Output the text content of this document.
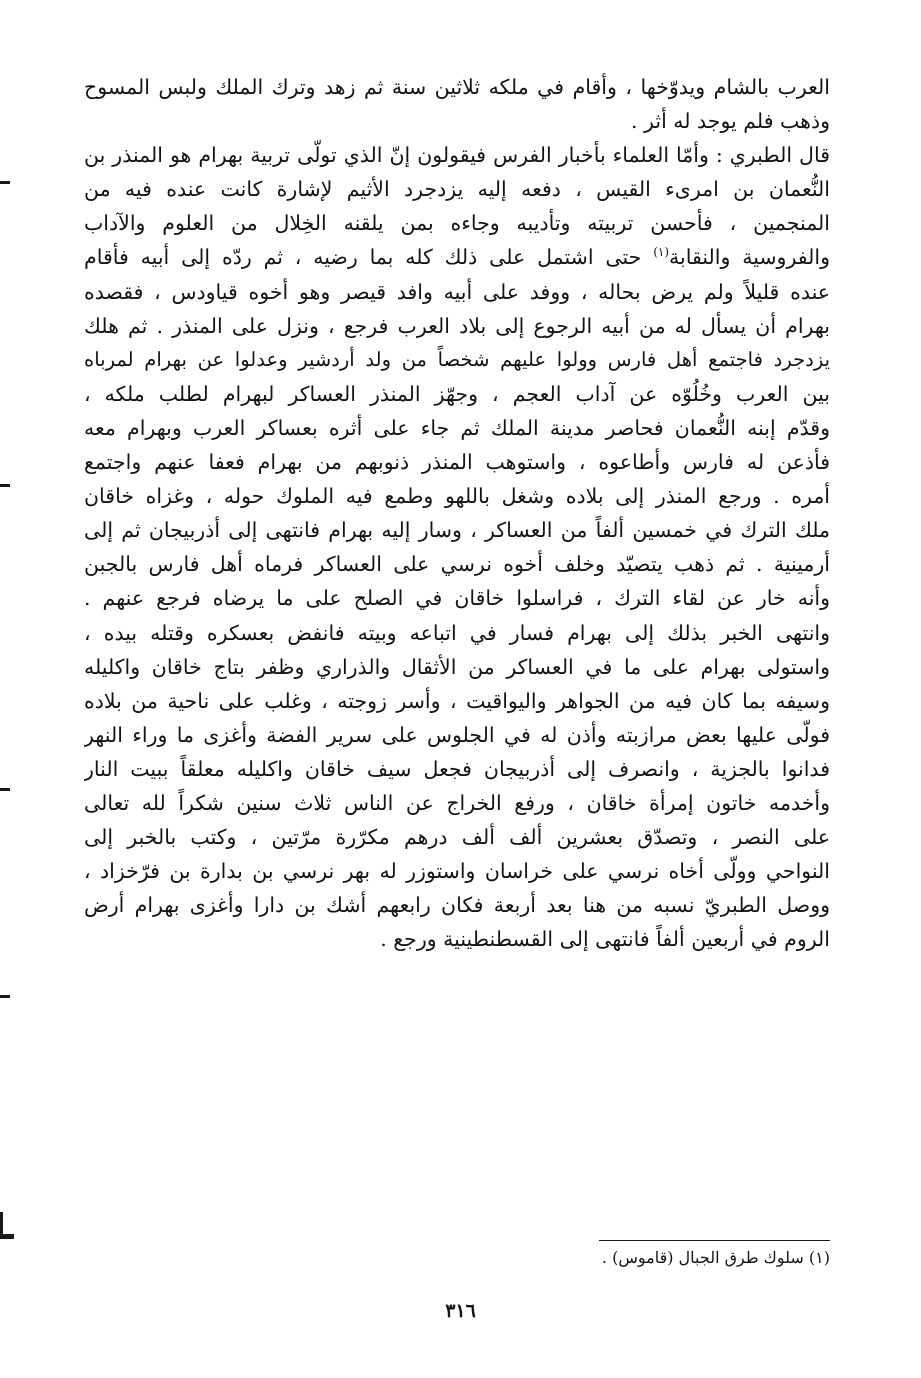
العرب بالشام ويدوّخها ، وأقام في ملكه ثلاثين سنة ثم زهد وترك الملك ولبس المسوح
وذهب فلم يوجد له أثر .
قال الطبري : وأمّا العلماء بأخبار الفرس فيقولون إنّ الذي تولّى تربية بهرام هو المنذر بن
النُّعمان بن امرىء القيس ، دفعه إليه يزدجرد الأثيم لإشارة كانت عنده فيه من
المنجمين ، فأحسن تربيته وتأديبه وجاءه بمن يلقنه الخِلال من العلوم والآداب
والفروسية والنقابة$^{(١)}$ حتى اشتمل على ذلك كله بما رضيه ، ثم ردّه إلى أبيه فأقام
عنده قليلاً ولم يرض بحاله ، ووفد على أبيه وافد قيصر وهو أخوه قياودس ، فقصده
بهرام أن يسأل له من أبيه الرجوع إلى بلاد العرب فرجع ، ونزل على المنذر . ثم هلك
يزدجرد فاجتمع أهل فارس وولوا عليهم شخصاً من ولد أردشير وعدلوا عن بهرام لمرباه
بين العرب وخُلُوّه عن آداب العجم ، وجهّز المنذر العساكر لبهرام لطلب ملكه ،
وقدّم إبنه النُّعمان فحاصر مدينة الملك ثم جاء على أثره بعساكر العرب وبهرام معه
فأذعن له فارس وأطاعوه ، واستوهب المنذر ذنوبهم من بهرام فعفا عنهم واجتمع
أمره . ورجع المنذر إلى بلاده وشغل باللهو وطمع فيه الملوك حوله ، وغزاه خاقان
ملك الترك في خمسين ألفاً من العساكر ، وسار إليه بهرام فانتهى إلى أذربيجان ثم إلى
أرمينية . ثم ذهب يتصيّد وخلف أخوه نرسي على العساكر فرماه أهل فارس بالجبن
وأنه خار عن لقاء الترك ، فراسلوا خاقان في الصلح على ما يرضاه فرجع عنهم .
وانتهى الخبر بذلك إلى بهرام فسار في اتباعه وبيته فانفض بعسكره وقتله بيده ،
واستولى بهرام على ما في العساكر من الأثقال والذراري وظفر بتاج خاقان واكليله
وسيفه بما كان فيه من الجواهر واليواقيت ، وأسر زوجته ، وغلب على ناحية من بلاده
فولّى عليها بعض مرازبته وأذن له في الجلوس على سرير الفضة وأغزى ما وراء النهر
فدانوا بالجزية ، وانصرف إلى أذربيجان فجعل سيف خاقان واكليله معلقاً ببيت النار
وأخدمه خاتون إمرأة خاقان ، ورفع الخراج عن الناس ثلاث سنين شكراً لله تعالى
على النصر ، وتصدّق بعشرين ألف ألف درهم مكرّرة مرّتين ، وكتب بالخبر إلى
النواحي وولّى أخاه نرسي على خراسان واستوزر له بهر نرسي بن بدارة بن فرّخزاد ،
ووصل الطبريّ نسبه من هنا بعد أربعة فكان رابعهم أشك بن دارا وأغزى بهرام أرض
الروم في أربعين ألفاً فانتهى إلى القسطنطينية ورجع .
(١) سلوك طرق الجبال (قاموس) .
٣١٦
